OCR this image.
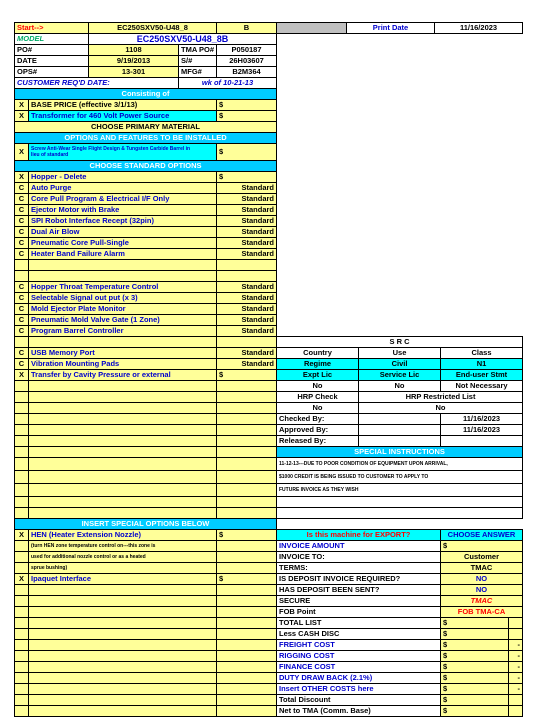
Start-->		EC250SXV50-U48_8		B		Print Date	11/16/2023
MODEL		EC250SXV50-U48_8B					
PO#		1108	TMA PO#	P050187			
DATE		9/19/2013	S/#	26H03607			
OPS#		13-301	MFG#	B2M364			
CUSTOMER REQ'D DATE:			wk of 10-21-13				
Consisting of							
X	BASE PRICE (effective 3/1/13)			$			
X	Transformer for 460 Volt Power Source			$			
CHOOSE PRIMARY MATERIAL							
OPTIONS AND FEATURES TO BE INSTALLED							
X	Screw Anti-Wear Single Flight Design & Tungsten Carbide Barrel in
lieu of standard			$			
CHOOSE STANDARD OPTIONS							
X	Hopper - Delete	$	
C	Auto Purge	Standard	
C	Core Pull Program & Electrical I/F Only	Standard	
C	Ejector Motor with Brake	Standard	
C	SPI Robot Interface Recept (32pin)	Standard	
C	Dual Air Blow	Standard	
C	Pneumatic Core Pull-Single	Standard	
C	Heater Band Failure Alarm	Standard	

C	Hopper Throat Temperature Control	Standard	
C	Selectable Signal out put (x 3)	Standard	
C	Mold Ejector Plate Monitor	Standard	
C	Pneumatic Mold Valve Gate (1 Zone)	Standard	
C	Program Barrel Controller	Standard	
			S R C		
C	USB Memory Port	Standard	Country	Use	Class
C	Vibration Mounting Pads	Standard	Regime	Civil	N1
X	Transfer by Cavity Pressure or external	$	Expt Lic	Service Lic	End-user Stmt
			No	No	Not Necessary
			HRP Check	HRP Restricted List	
			No	No	
			Checked By:		11/16/2023
			Approved By:		11/16/2023
			Released By:		
			SPECIAL INSTRUCTIONS		
			11-12-13---DUE TO POOR CONDITION OF EQUIPMENT UPON ARRIVAL,		
			$1000 CREDIT IS BEING ISSUED TO CUSTOMER TO APPLY TO		
			FUTURE INVOICE AS THEY WISH		

INSERT SPECIAL OPTIONS BELOW					
X	HEN (Heater Extension Nozzle)	$	Is this machine for EXPORT?	CHOOSE ANSWER	
	(turn HEN zone temperature control on---this zone is		INVOICE AMOUNT	$	
	used for additional nozzle control or as a heated		INVOICE TO:	Customer	
	sprue bushing)		TERMS:	TMAC	
X	Ipaquet Interface	$	IS DEPOSIT INVOICE REQUIRED?	NO	
			HAS DEPOSIT BEEN SENT?	NO	
			SECURE	TMAC	
			FOB Point	FOB TMA-CA	
			TOTAL LIST	$	
			Less CASH DISC	$	
			FREIGHT COST	$	-
			RIGGING COST	$	-
			FINANCE COST	$	-
			DUTY DRAW BACK (2.1%)	$	-
			Insert OTHER COSTS here	$	-
			Total Discount	$	
			Net to TMA (Comm. Base)	$	
